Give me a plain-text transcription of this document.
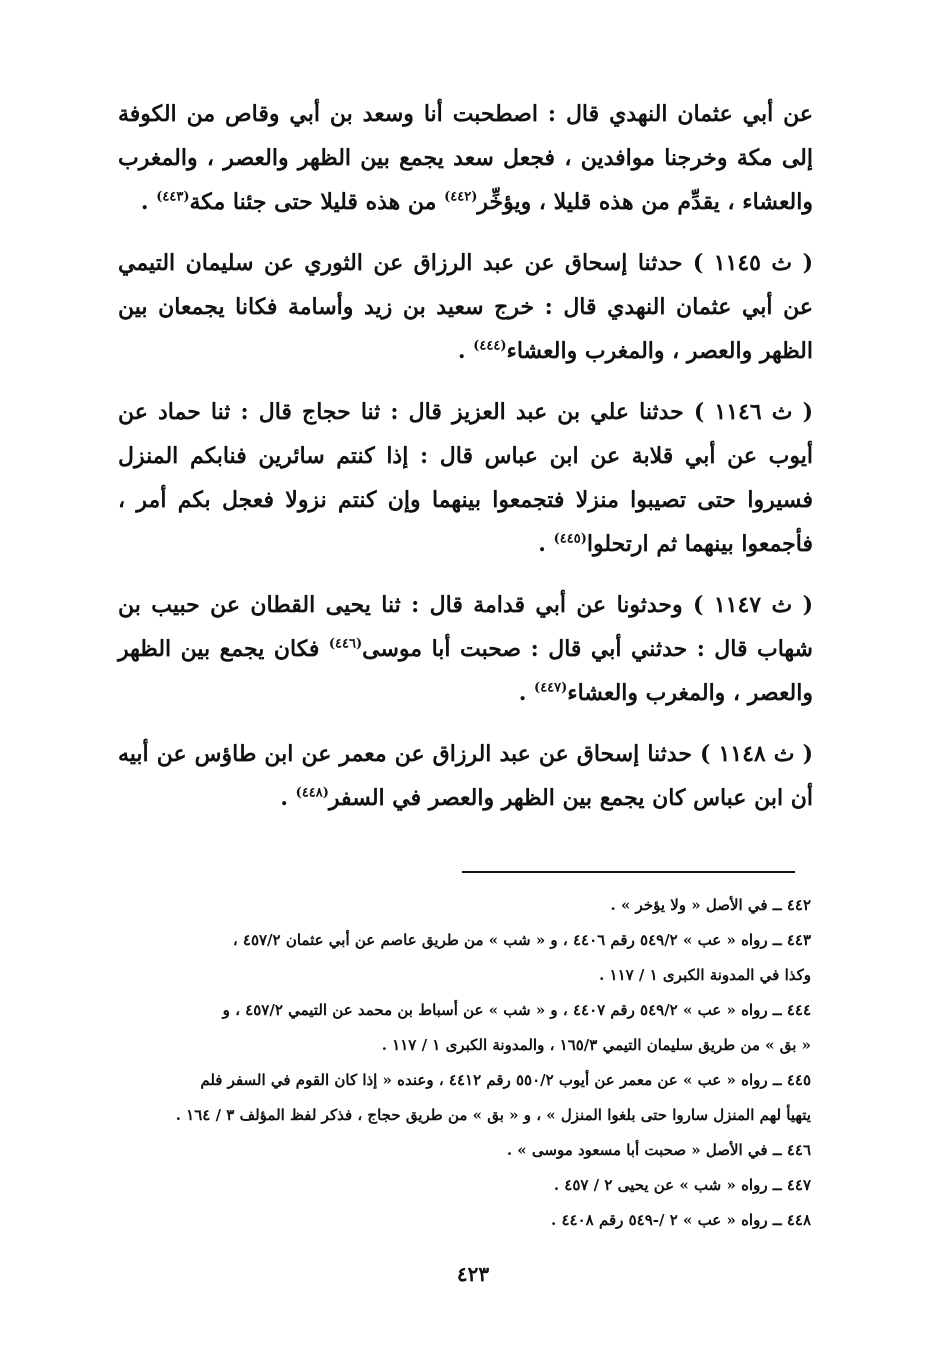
عن أبي عثمان النهدي قال : اصطحبت أنا وسعد بن أبي وقاص من الكوفة إلى مكة وخرجنا موافدين ، فجعل سعد يجمع بين الظهر والعصر ، والمغرب والعشاء ، يقدِّم من هذه قليلا ، ويؤخِّر$^{(٤٤٢)}$ من هذه قليلا حتى جئنا مكة$^{(٤٤٣)}$ .

( ث ١١٤٥ ) حدثنا إسحاق عن عبد الرزاق عن الثوري عن سليمان التيمي عن أبي عثمان النهدي قال : خرج سعيد بن زيد وأسامة فكانا يجمعان بين الظهر والعصر ، والمغرب والعشاء$^{(٤٤٤)}$ .

( ث ١١٤٦ ) حدثنا علي بن عبد العزيز قال : ثنا حجاج قال : ثنا حماد عن أيوب عن أبي قلابة عن ابن عباس قال : إذا كنتم سائرين فنابكم المنزل فسيروا حتى تصيبوا منزلا فتجمعوا بينهما وإن كنتم نزولا فعجل بكم أمر ، فأجمعوا بينهما ثم ارتحلوا$^{(٤٤٥)}$ .

( ث ١١٤٧ ) وحدثونا عن أبي قدامة قال : ثنا يحيى القطان عن حبيب بن شهاب قال : حدثني أبي قال : صحبت أبا موسى$^{(٤٤٦)}$ فكان يجمع بين الظهر والعصر ، والمغرب والعشاء$^{(٤٤٧)}$ .

( ث ١١٤٨ ) حدثنا إسحاق عن عبد الرزاق عن معمر عن ابن طاؤس عن أبيه أن ابن عباس كان يجمع بين الظهر والعصر في السفر$^{(٤٤٨)}$ .

٤٤٢ ــ في الأصل « ولا يؤخر » .

٤٤٣ ــ رواه « عب » ٥٤٩/٢ رقم ٤٤٠٦ ، و « شب » من طريق عاصم عن أبي عثمان ٤٥٧/٢ ،

وكذا في المدونة الكبرى ١ / ١١٧ .

٤٤٤ ــ رواه « عب » ٥٤٩/٢ رقم ٤٤٠٧ ، و « شب » عن أسباط بن محمد عن التيمي ٤٥٧/٢ ، و

« بق » من طريق سليمان التيمي ١٦٥/٣ ، والمدونة الكبرى ١ / ١١٧ .

٤٤٥ ــ رواه « عب » عن معمر عن أيوب ٥٥٠/٢ رقم ٤٤١٢ ، وعنده « إذا كان القوم في السفر فلم

يتهيأ لهم المنزل ساروا حتى بلغوا المنزل » ، و « بق » من طريق حجاج ، فذكر لفظ المؤلف ٣ / ١٦٤ .

٤٤٦ ــ في الأصل « صحبت أبا مسعود موسى » .

٤٤٧ ــ رواه « شب » عن يحيى ٢ / ٤٥٧ .

٤٤٨ ــ رواه « عب » ٢ /-٥٤٩ رقم ٤٤٠٨ .

٤٢٣
